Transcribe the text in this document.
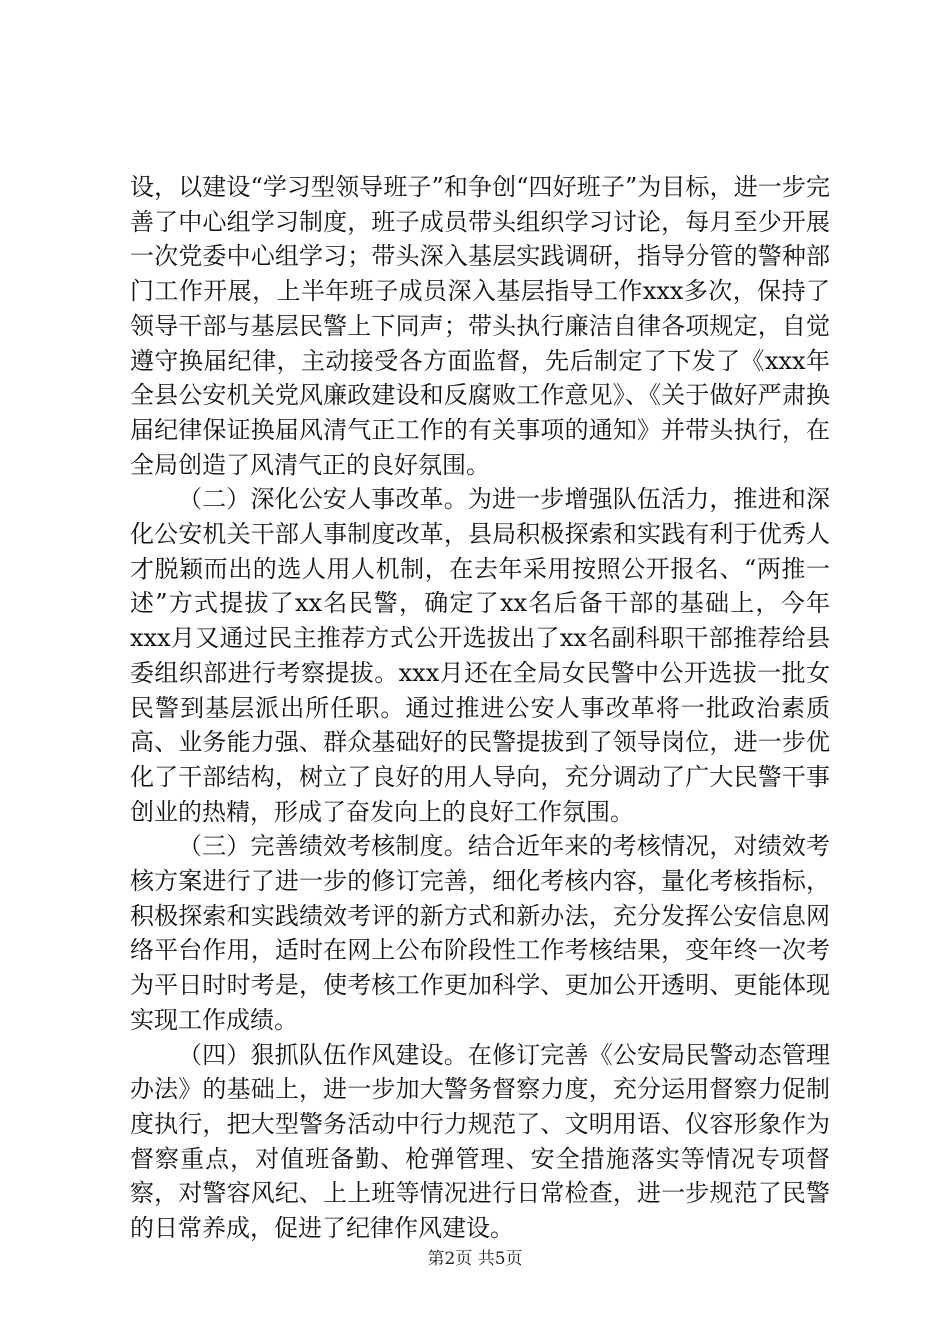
设，以建设“学习型领导班子”和争创“四好班子”为目标，进一步完善了中心组学习制度，班子成员带头组织学习讨论，每月至少开展一次党委中心组学习；带头深入基层实践调研，指导分管的警种部门工作开展，上半年班子成员深入基层指导工作xxx多次，保持了领导干部与基层民警上下同声；带头执行廉洁自律各项规定，自觉遵守换届纪律，主动接受各方面监督，先后制定了下发了《xxx年全县公安机关党风廉政建设和反腐败工作意见》、《关于做好严肃换届纪律保证换届风清气正工作的有关事项的通知》并带头执行，在全局创造了风清气正的良好氛围。

（二）深化公安人事改革。为进一步增强队伍活力，推进和深化公安机关干部人事制度改革，县局积极探索和实践有利于优秀人才脱颖而出的选人用人机制，在去年采用按照公开报名、“两推一述”方式提拔了xx名民警，确定了xx名后备干部的基础上，今年xxx月又通过民主推荐方式公开选拔出了xx名副科职干部推荐给县委组织部进行考察提拔。xxx月还在全局女民警中公开选拔一批女民警到基层派出所任职。通过推进公安人事改革将一批政治素质高、业务能力强、群众基础好的民警提拔到了领导岗位，进一步优化了干部结构，树立了良好的用人导向，充分调动了广大民警干事创业的热精，形成了奋发向上的良好工作氛围。

（三）完善绩效考核制度。结合近年来的考核情况，对绩效考核方案进行了进一步的修订完善，细化考核内容，量化考核指标，积极探索和实践绩效考评的新方式和新办法，充分发挥公安信息网络平台作用，适时在网上公布阶段性工作考核结果，变年终一次考为平日时时考是，使考核工作更加科学、更加公开透明、更能体现实现工作成绩。

（四）狠抓队伍作风建设。在修订完善《公安局民警动态管理办法》的基础上，进一步加大警务督察力度，充分运用督察力促制度执行，把大型警务活动中行力规范了、文明用语、仪容形象作为督察重点，对值班备勤、枪弹管理、安全措施落实等情况专项督察，对警容风纪、上上班等情况进行日常检查，进一步规范了民警的日常养成，促进了纪律作风建设。

第2页 共5页
